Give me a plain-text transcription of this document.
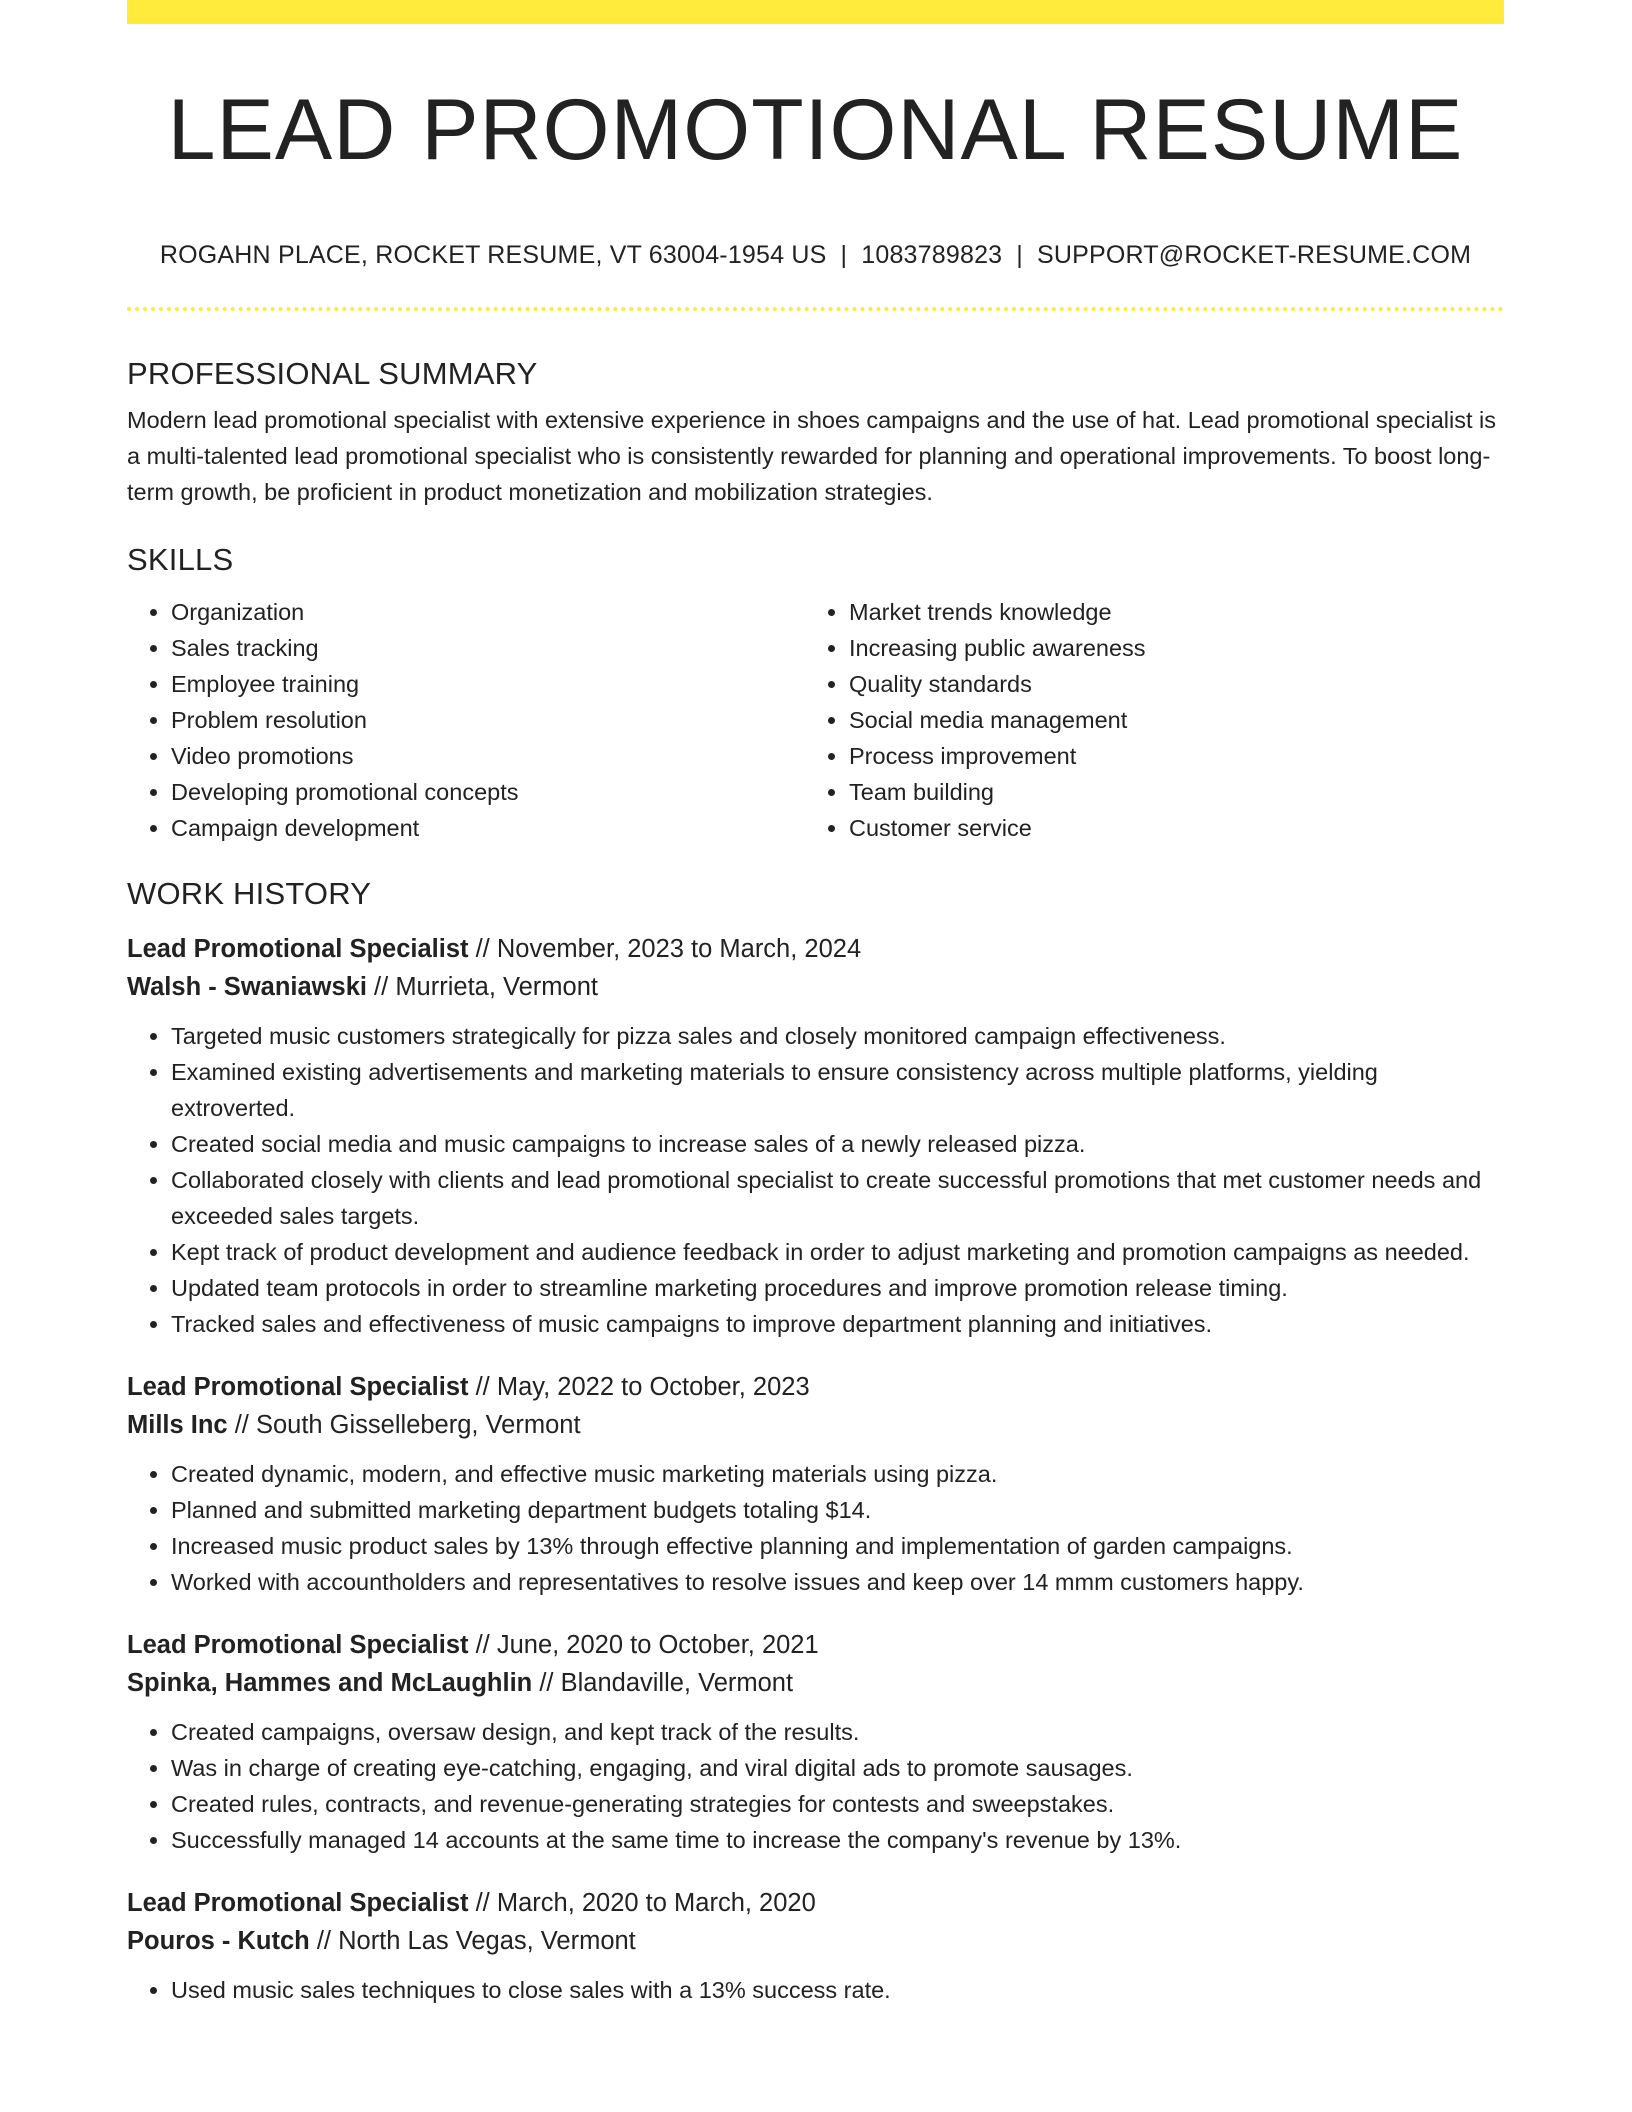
LEAD PROMOTIONAL RESUME
ROGAHN PLACE, ROCKET RESUME, VT 63004-1954 US | 1083789823 | SUPPORT@ROCKET-RESUME.COM
PROFESSIONAL SUMMARY

Modern lead promotional specialist with extensive experience in shoes campaigns and the use of hat. Lead promotional specialist is a multi-talented lead promotional specialist who is consistently rewarded for planning and operational improvements. To boost long-term growth, be proficient in product monetization and mobilization strategies.

SKILLS
• Organization
• Sales tracking
• Employee training
• Problem resolution
• Video promotions
• Developing promotional concepts
• Campaign development
• Market trends knowledge
• Increasing public awareness
• Quality standards
• Social media management
• Process improvement
• Team building
• Customer service
WORK HISTORY
Lead Promotional Specialist // November, 2023 to March, 2024
Walsh - Swaniawski // Murrieta, Vermont
• Targeted music customers strategically for pizza sales and closely monitored campaign effectiveness.
• Examined existing advertisements and marketing materials to ensure consistency across multiple platforms, yielding extroverted.
• Created social media and music campaigns to increase sales of a newly released pizza.
• Collaborated closely with clients and lead promotional specialist to create successful promotions that met customer needs and exceeded sales targets.
• Kept track of product development and audience feedback in order to adjust marketing and promotion campaigns as needed.
• Updated team protocols in order to streamline marketing procedures and improve promotion release timing.
• Tracked sales and effectiveness of music campaigns to improve department planning and initiatives.
Lead Promotional Specialist // May, 2022 to October, 2023
Mills Inc // South Gisselleberg, Vermont
• Created dynamic, modern, and effective music marketing materials using pizza.
• Planned and submitted marketing department budgets totaling $14.
• Increased music product sales by 13% through effective planning and implementation of garden campaigns.
• Worked with accountholders and representatives to resolve issues and keep over 14 mmm customers happy.
Lead Promotional Specialist // June, 2020 to October, 2021
Spinka, Hammes and McLaughlin // Blandaville, Vermont
• Created campaigns, oversaw design, and kept track of the results.
• Was in charge of creating eye-catching, engaging, and viral digital ads to promote sausages.
• Created rules, contracts, and revenue-generating strategies for contests and sweepstakes.
• Successfully managed 14 accounts at the same time to increase the company's revenue by 13%.
Lead Promotional Specialist // March, 2020 to March, 2020
Pouros - Kutch // North Las Vegas, Vermont
• Used music sales techniques to close sales with a 13% success rate.
